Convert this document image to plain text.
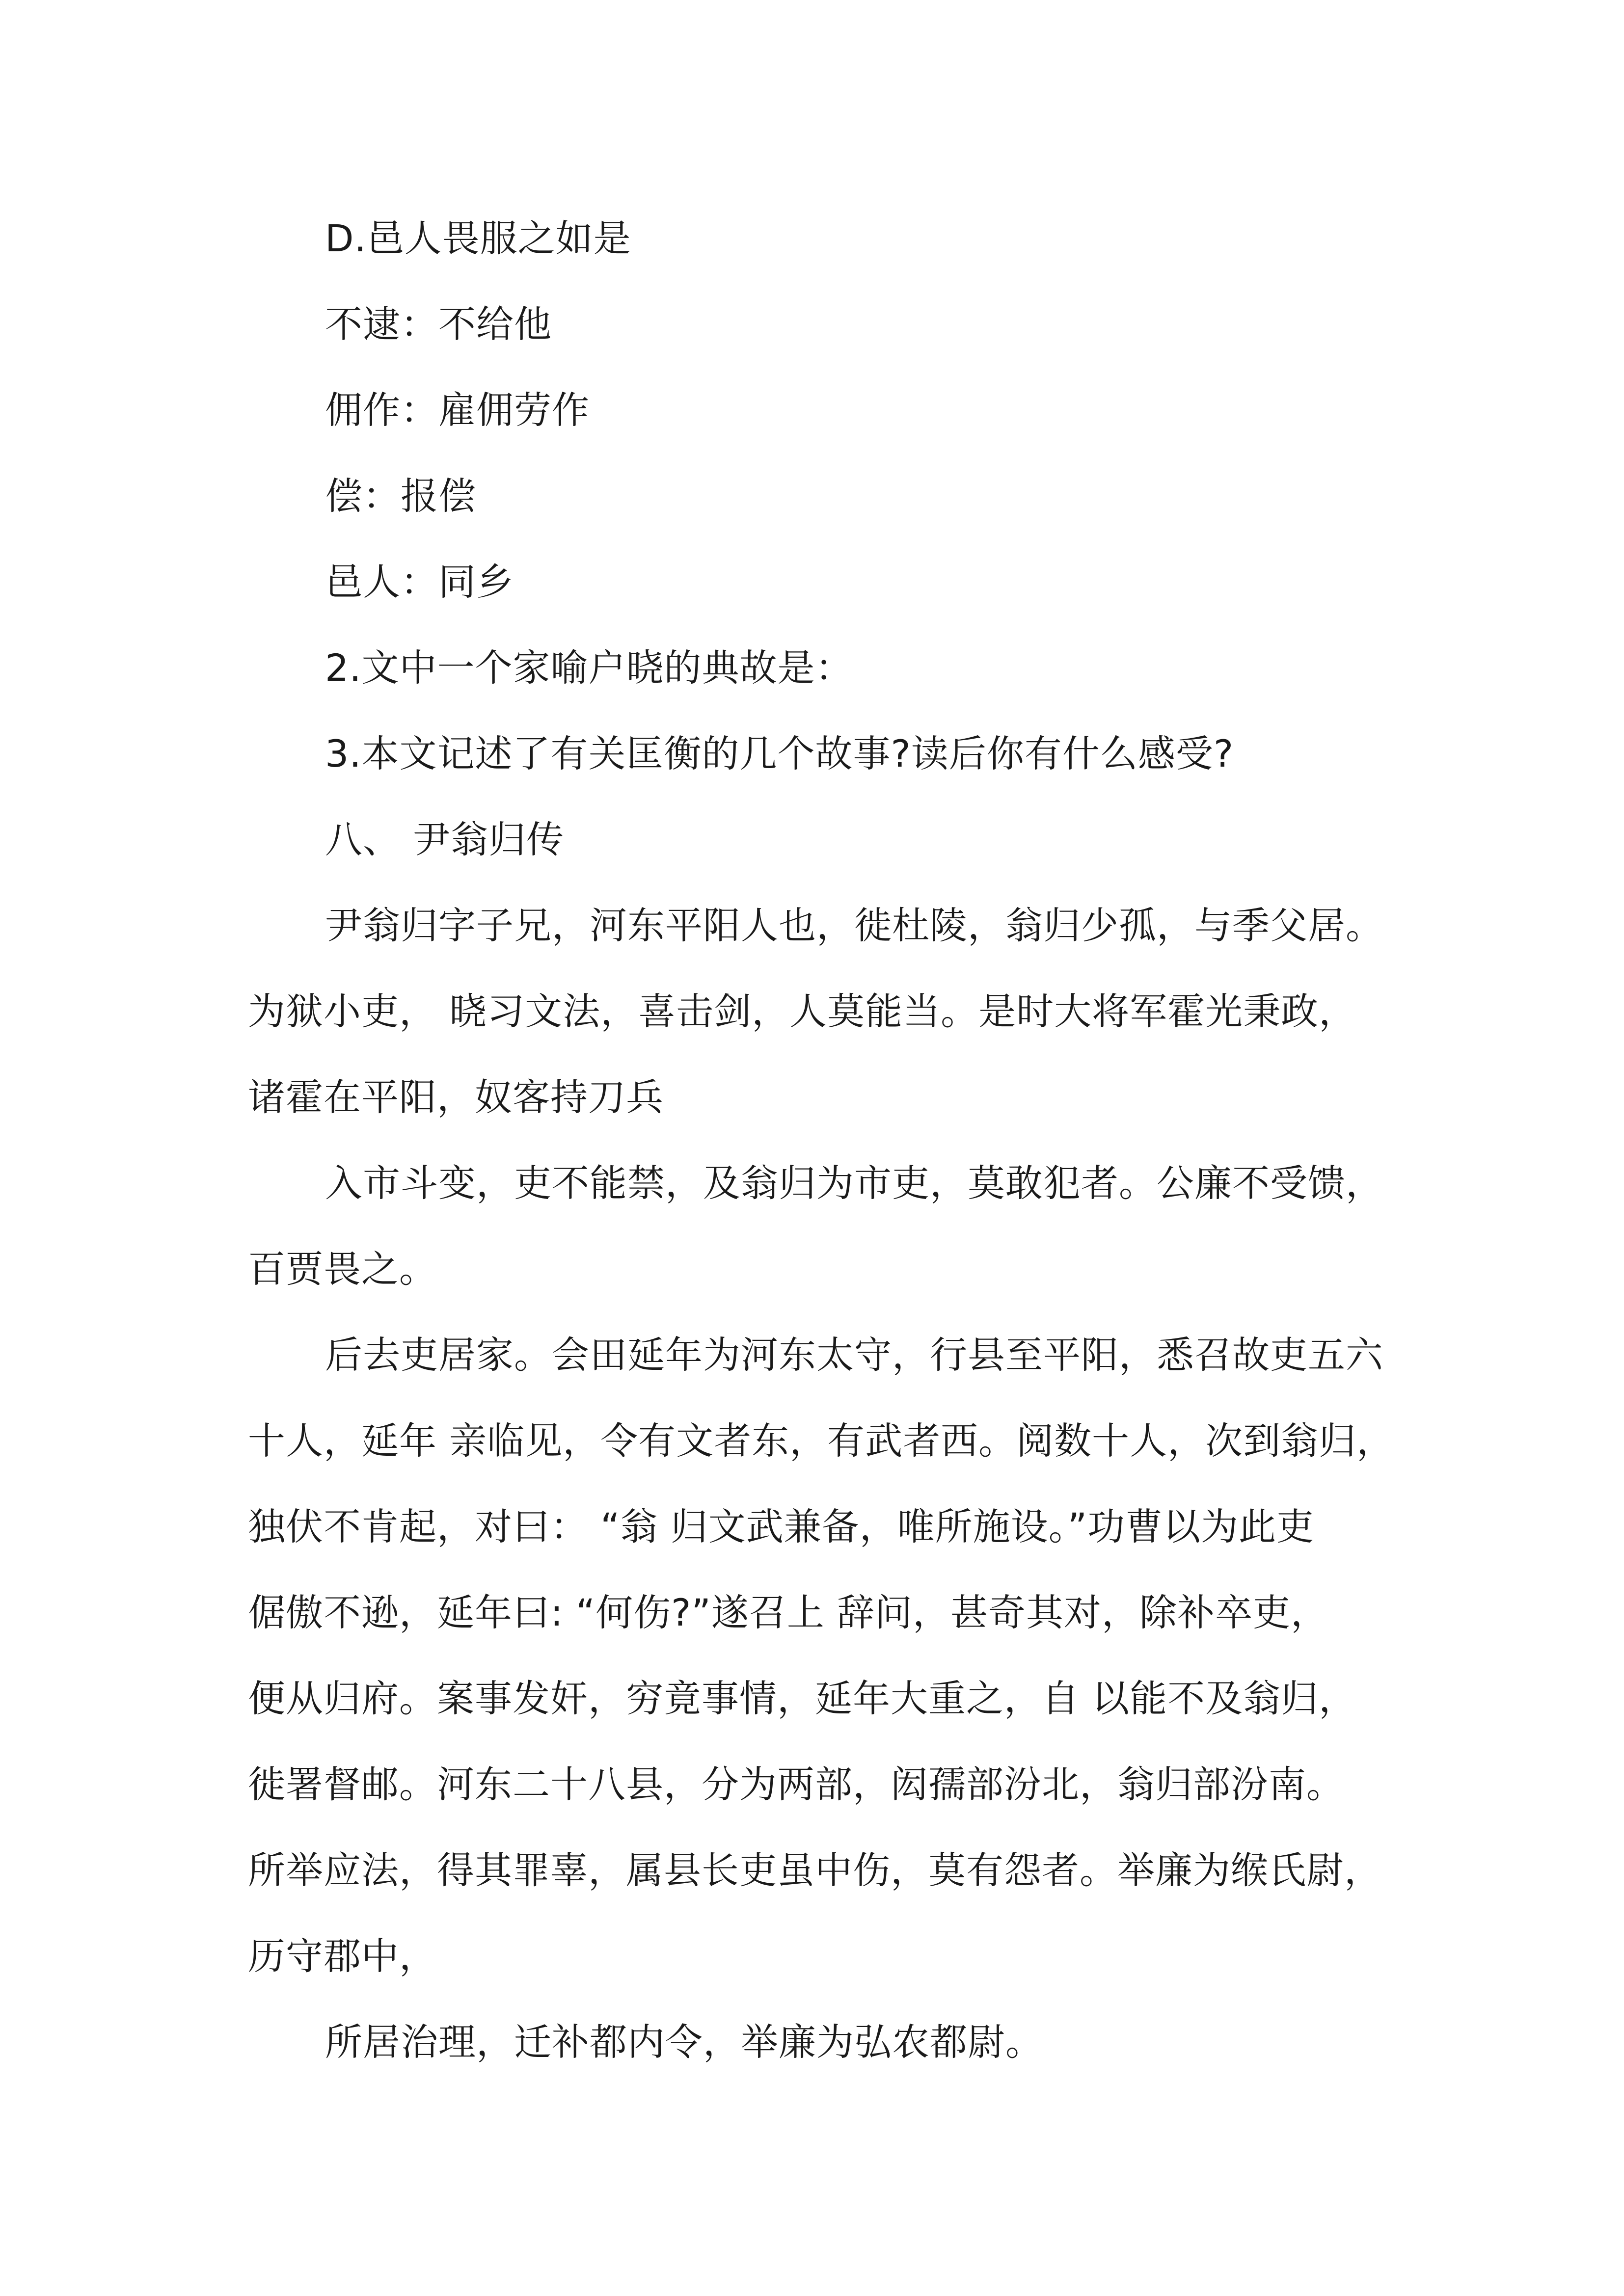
D.邑人畏服之如是
不逮：不给他
佣作：雇佣劳作
偿：报偿
邑人：同乡
2.文中一个家喻户晓的典故是：
3.本文记述了有关匡衡的几个故事?读后你有什么感受?
八、 尹翁归传
尹翁归字子兄，河东平阳人也，徙杜陵，翁归少孤，与季父居。
为狱小吏， 晓习文法，喜击剑，人莫能当。是时大将军霍光秉政，
诸霍在平阳，奴客持刀兵
入市斗变，吏不能禁，及翁归为市吏，莫敢犯者。公廉不受馈，
百贾畏之。
后去吏居家。会田延年为河东太守，行县至平阳，悉召故吏五六
十人，延年 亲临见，令有文者东，有武者西。阅数十人，次到翁归，
独伏不肯起，对曰： “翁 归文武兼备，唯所施设。”功曹以为此吏
倨傲不逊，延年曰: “何伤?”遂召上 辞问，甚奇其对，除补卒吏，
便从归府。案事发奸，穷竟事情，延年大重之，自 以能不及翁归，
徙署督邮。河东二十八县，分为两部，闳孺部汾北，翁归部汾南。
所举应法，得其罪辜，属县长吏虽中伤，莫有怨者。举廉为缑氏尉，
历守郡中，
所居治理，迁补都内令，举廉为弘农都尉。
